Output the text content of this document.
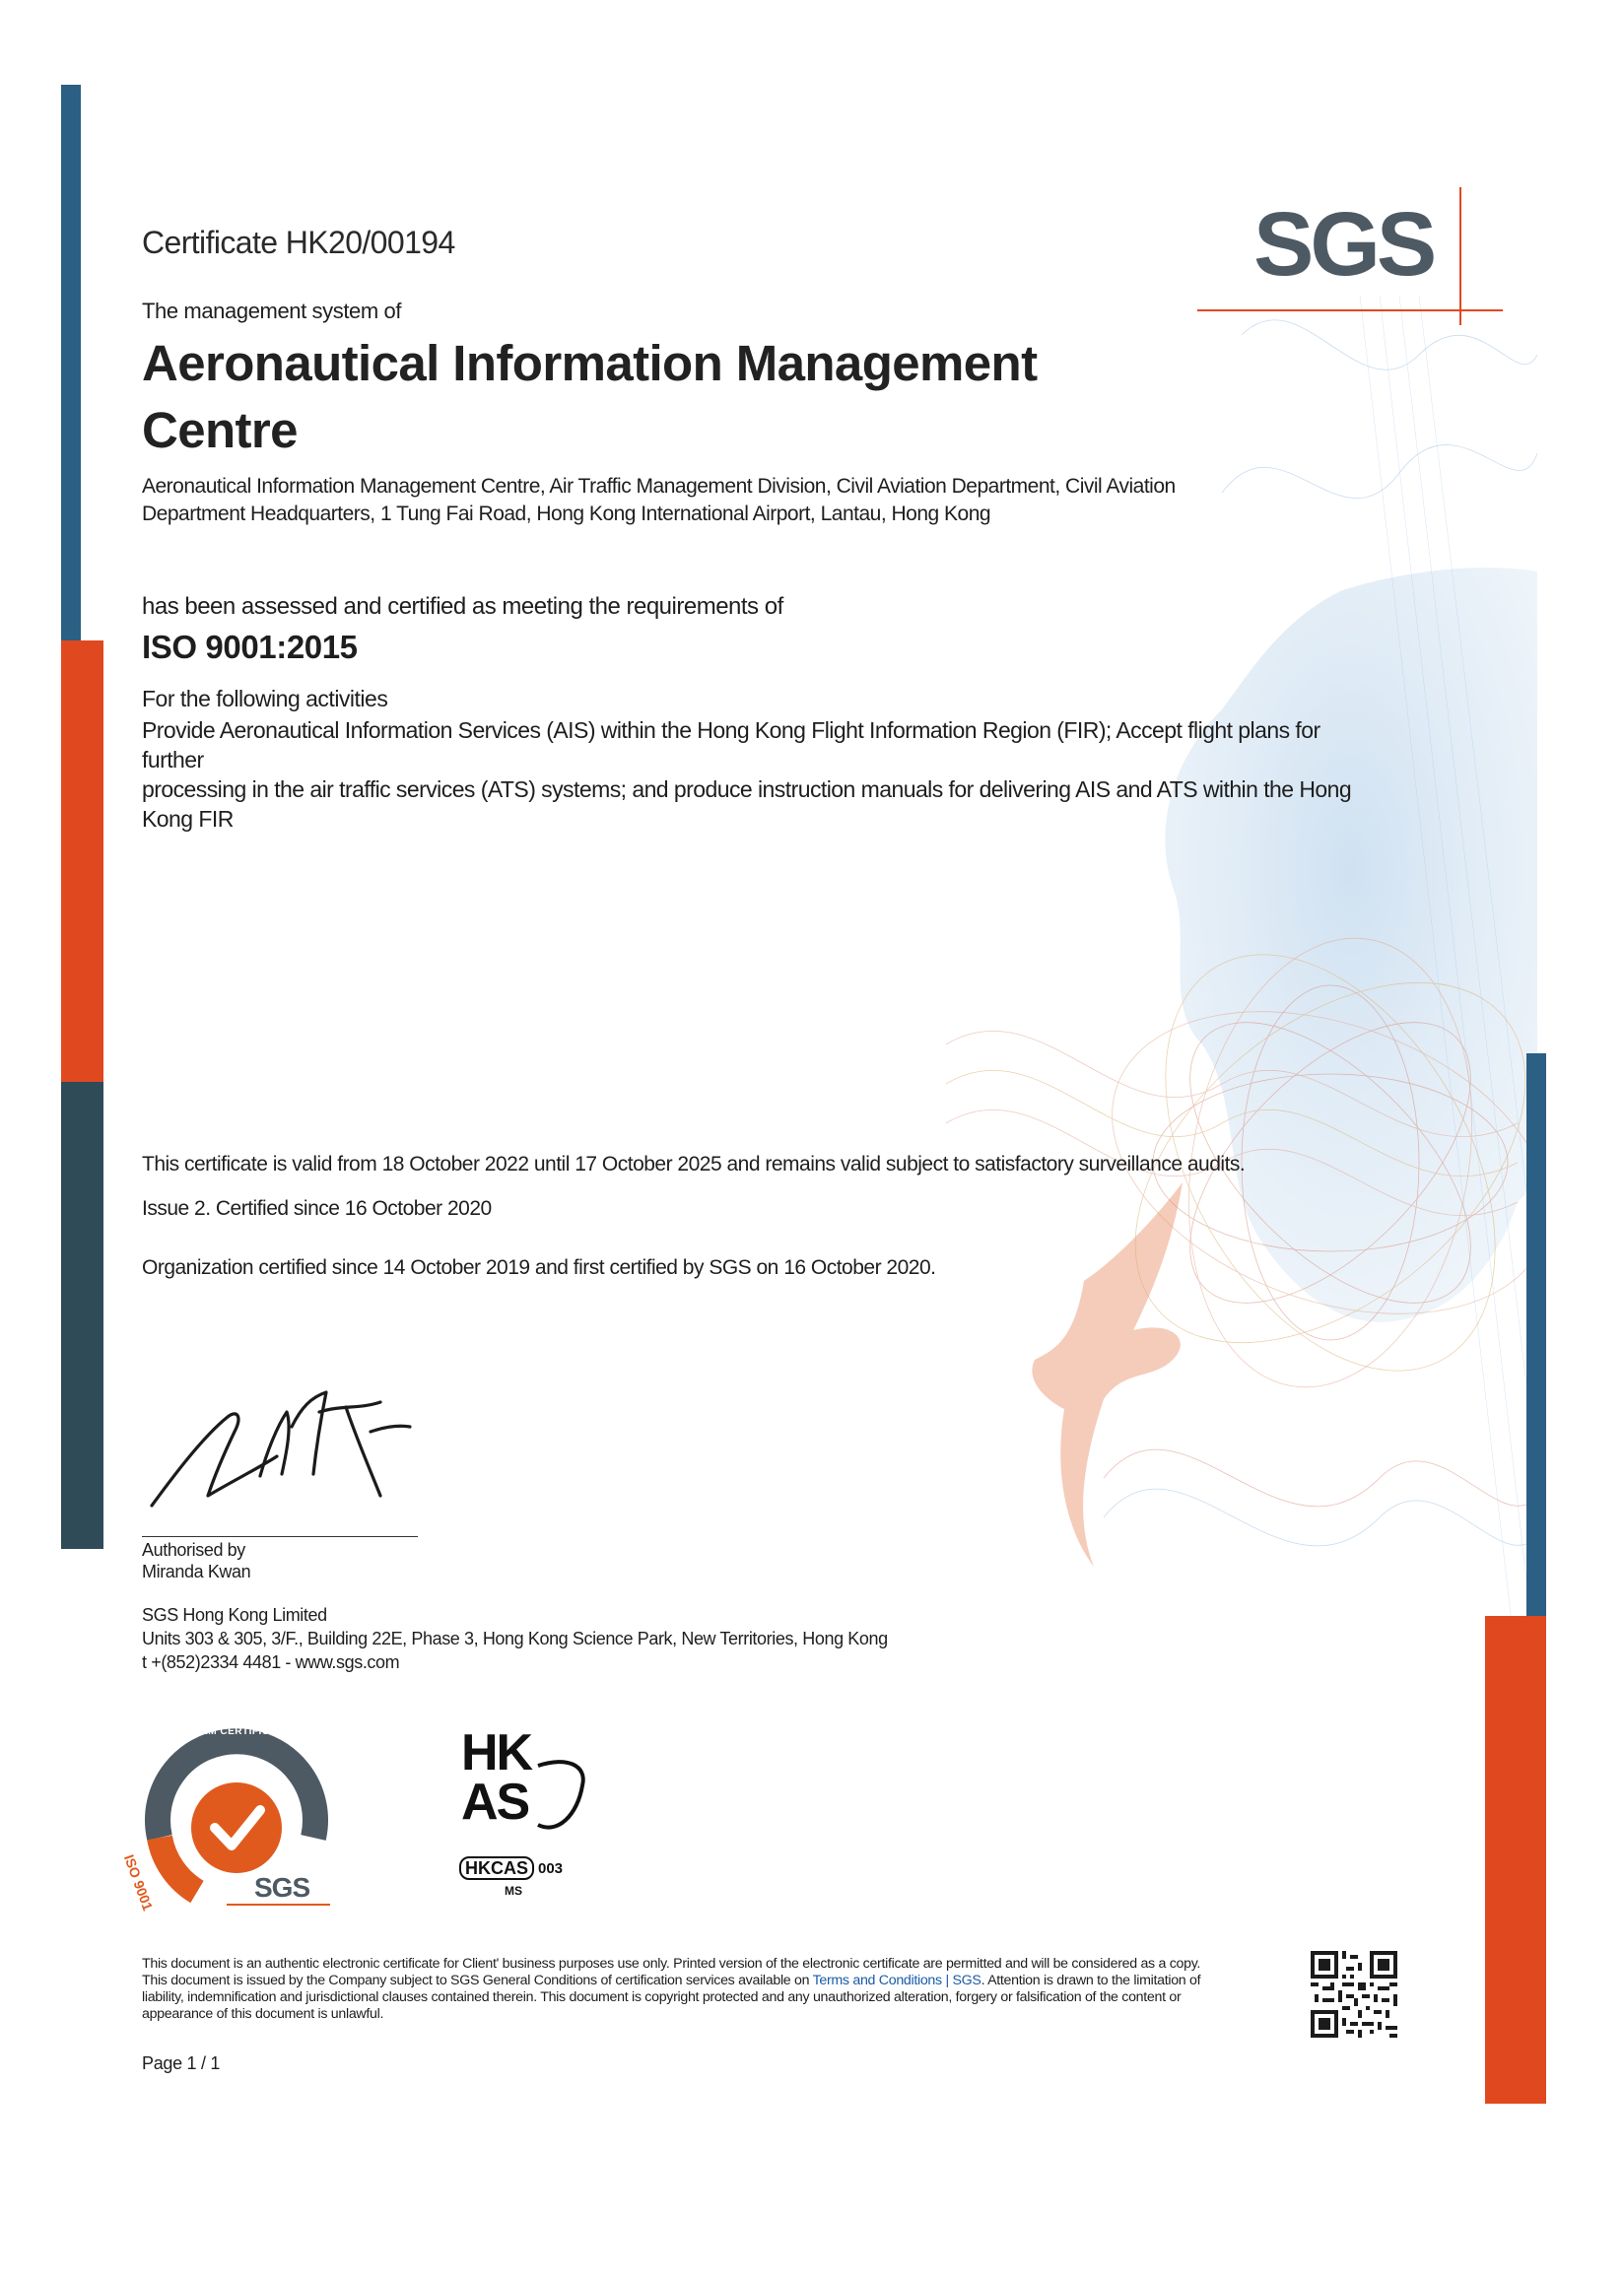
SGS
Certificate HK20/00194
The management system of
Aeronautical Information Management
Centre
Aeronautical Information Management Centre, Air Traffic Management Division, Civil Aviation Department, Civil Aviation
Department Headquarters, 1 Tung Fai Road, Hong Kong International Airport, Lantau, Hong Kong
has been assessed and certified as meeting the requirements of
ISO 9001:2015
For the following activities
Provide Aeronautical Information Services (AIS) within the Hong Kong Flight Information Region (FIR); Accept flight plans for further
processing in the air traffic services (ATS) systems; and produce instruction manuals for delivering AIS and ATS within the Hong
Kong FIR
This certificate is valid from 18 October 2022 until 17 October 2025 and remains valid subject to satisfactory surveillance audits.
Issue 2. Certified since 16 October 2020
Organization certified since 14 October 2019 and first certified by SGS on 16 October 2020.
Authorised by
Miranda Kwan
SGS Hong Kong Limited
Units 303 & 305, 3/F., Building 22E, Phase 3, Hong Kong Science Park, New Territories, Hong Kong
t +(852)2334 4481 - www.sgs.com
SYSTEM CERTIFICATION
ISO 9001	SGS
HK
AS
HKCAS 003
MS
This document is an authentic electronic certificate for Client' business purposes use only. Printed version of the electronic certificate are permitted and will be considered as a copy.
This document is issued by the Company subject to SGS General Conditions of certification services available on Terms and Conditions | SGS. Attention is drawn to the limitation of
liability, indemnification and jurisdictional clauses contained therein. This document is copyright protected and any unauthorized alteration, forgery or falsification of the content or
appearance of this document is unlawful.
Page 1 / 1
